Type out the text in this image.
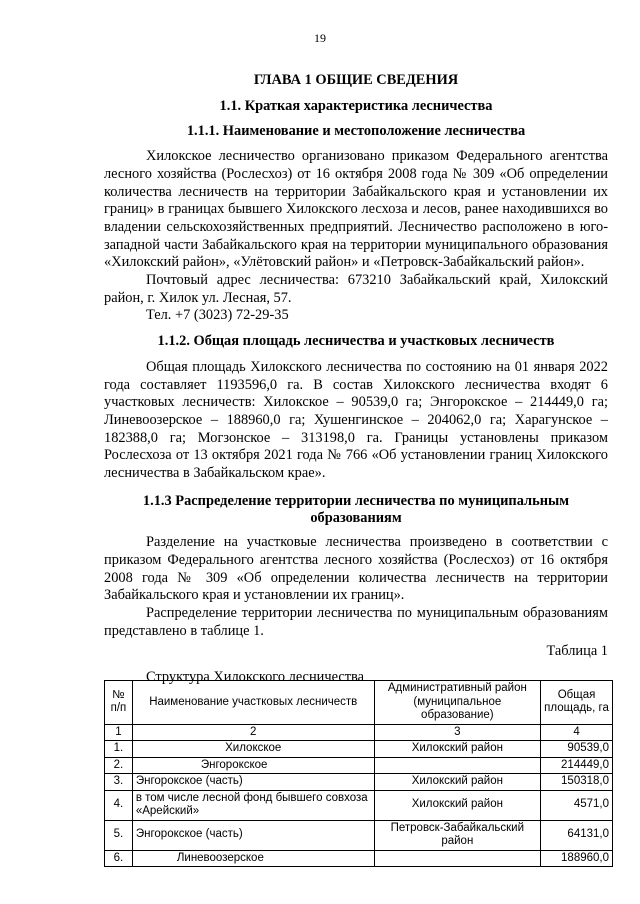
19
ГЛАВА 1 ОБЩИЕ СВЕДЕНИЯ
1.1. Краткая характеристика лесничества
1.1.1. Наименование и местоположение лесничества

Хилокское лесничество организовано приказом Федерального агентства лесного хозяйства (Рослесхоз) от 16 октября 2008 года № 309 «Об определении количества лесничеств на территории Забайкальского края и установлении их границ» в границах бывшего Хилокского лесхоза и лесов, ранее находившихся во владении сельскохозяйственных предприятий. Лесничество расположено в юго-западной части Забайкальского края на территории муниципального образования «Хилокский район», «Улётовский район» и «Петровск-Забайкальский район».

Почтовый адрес лесничества: 673210 Забайкальский край, Хилокский район, г. Хилок ул. Лесная, 57.

Тел. +7 (3023) 72-29-35

1.1.2. Общая площадь лесничества и участковых лесничеств

Общая площадь Хилокского лесничества по состоянию на 01 января 2022 года составляет 1193596,0 га. В состав Хилокского лесничества входят 6 участковых лесничеств: Хилокское – 90539,0 га; Энгорокское – 214449,0 га; Линевоозерское – 188960,0 га; Хушенгинское – 204062,0 га; Харагунское – 182388,0 га; Могзонское – 313198,0 га. Границы установлены приказом Рослесхоза от 13 октября 2021 года № 766 «Об установлении границ Хилокского лесничества в Забайкальском крае».

1.1.3 Распределение территории лесничества по муниципальным образованиям

Разделение на участковые лесничества произведено в соответствии с приказом Федерального агентства лесного хозяйства (Рослесхоз) от 16 октября 2008 года № 309 «Об определении количества лесничеств на территории Забайкальского края и установлении их границ».

Распределение территории лесничества по муниципальным образованиям представлено в таблице 1.

Таблица 1
Структура Хилокского лесничества
№ п/п	Наименование участковых лесничеств	Административный район (муниципальное образование)	Общая площадь, га
1	2	3	4
1.	Хилокское	Хилокский район	90539,0
2.	Энгорокское		214449,0
3.	Энгорокское (часть)	Хилокский район	150318,0
4.	в том числе лесной фонд бывшего совхоза «Арейский»	Хилокский район	4571,0
5.	Энгорокское (часть)	Петровск-Забайкальский район	64131,0
6.	Линевоозерское		188960,0
